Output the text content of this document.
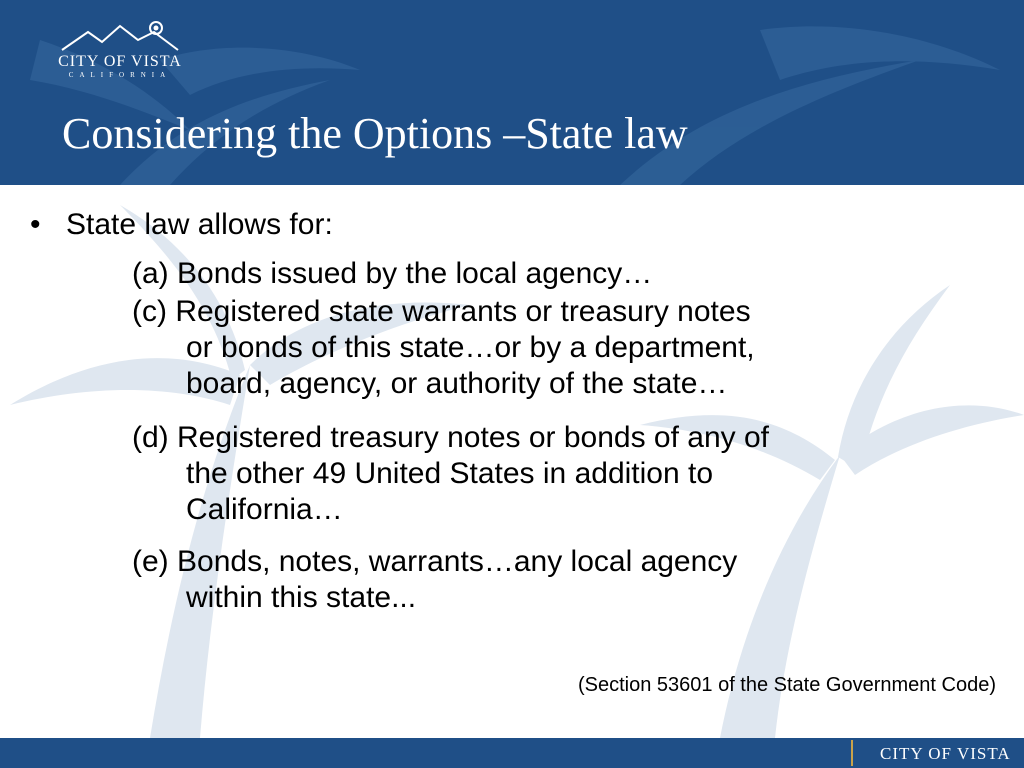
CITY OF VISTA
CALIFORNIA
Considering the Options –State law
• State law allows for:
(a) Bonds issued by the local agency…
(c) Registered state warrants or treasury notes
or bonds of this state…or by a department,
board, agency, or authority of the state…
(d) Registered treasury notes or bonds of any of
the other 49 United States in addition to
California…
(e) Bonds, notes, warrants…any local agency
within this state...
(Section 53601 of the State Government Code)
CITY OF VISTA
